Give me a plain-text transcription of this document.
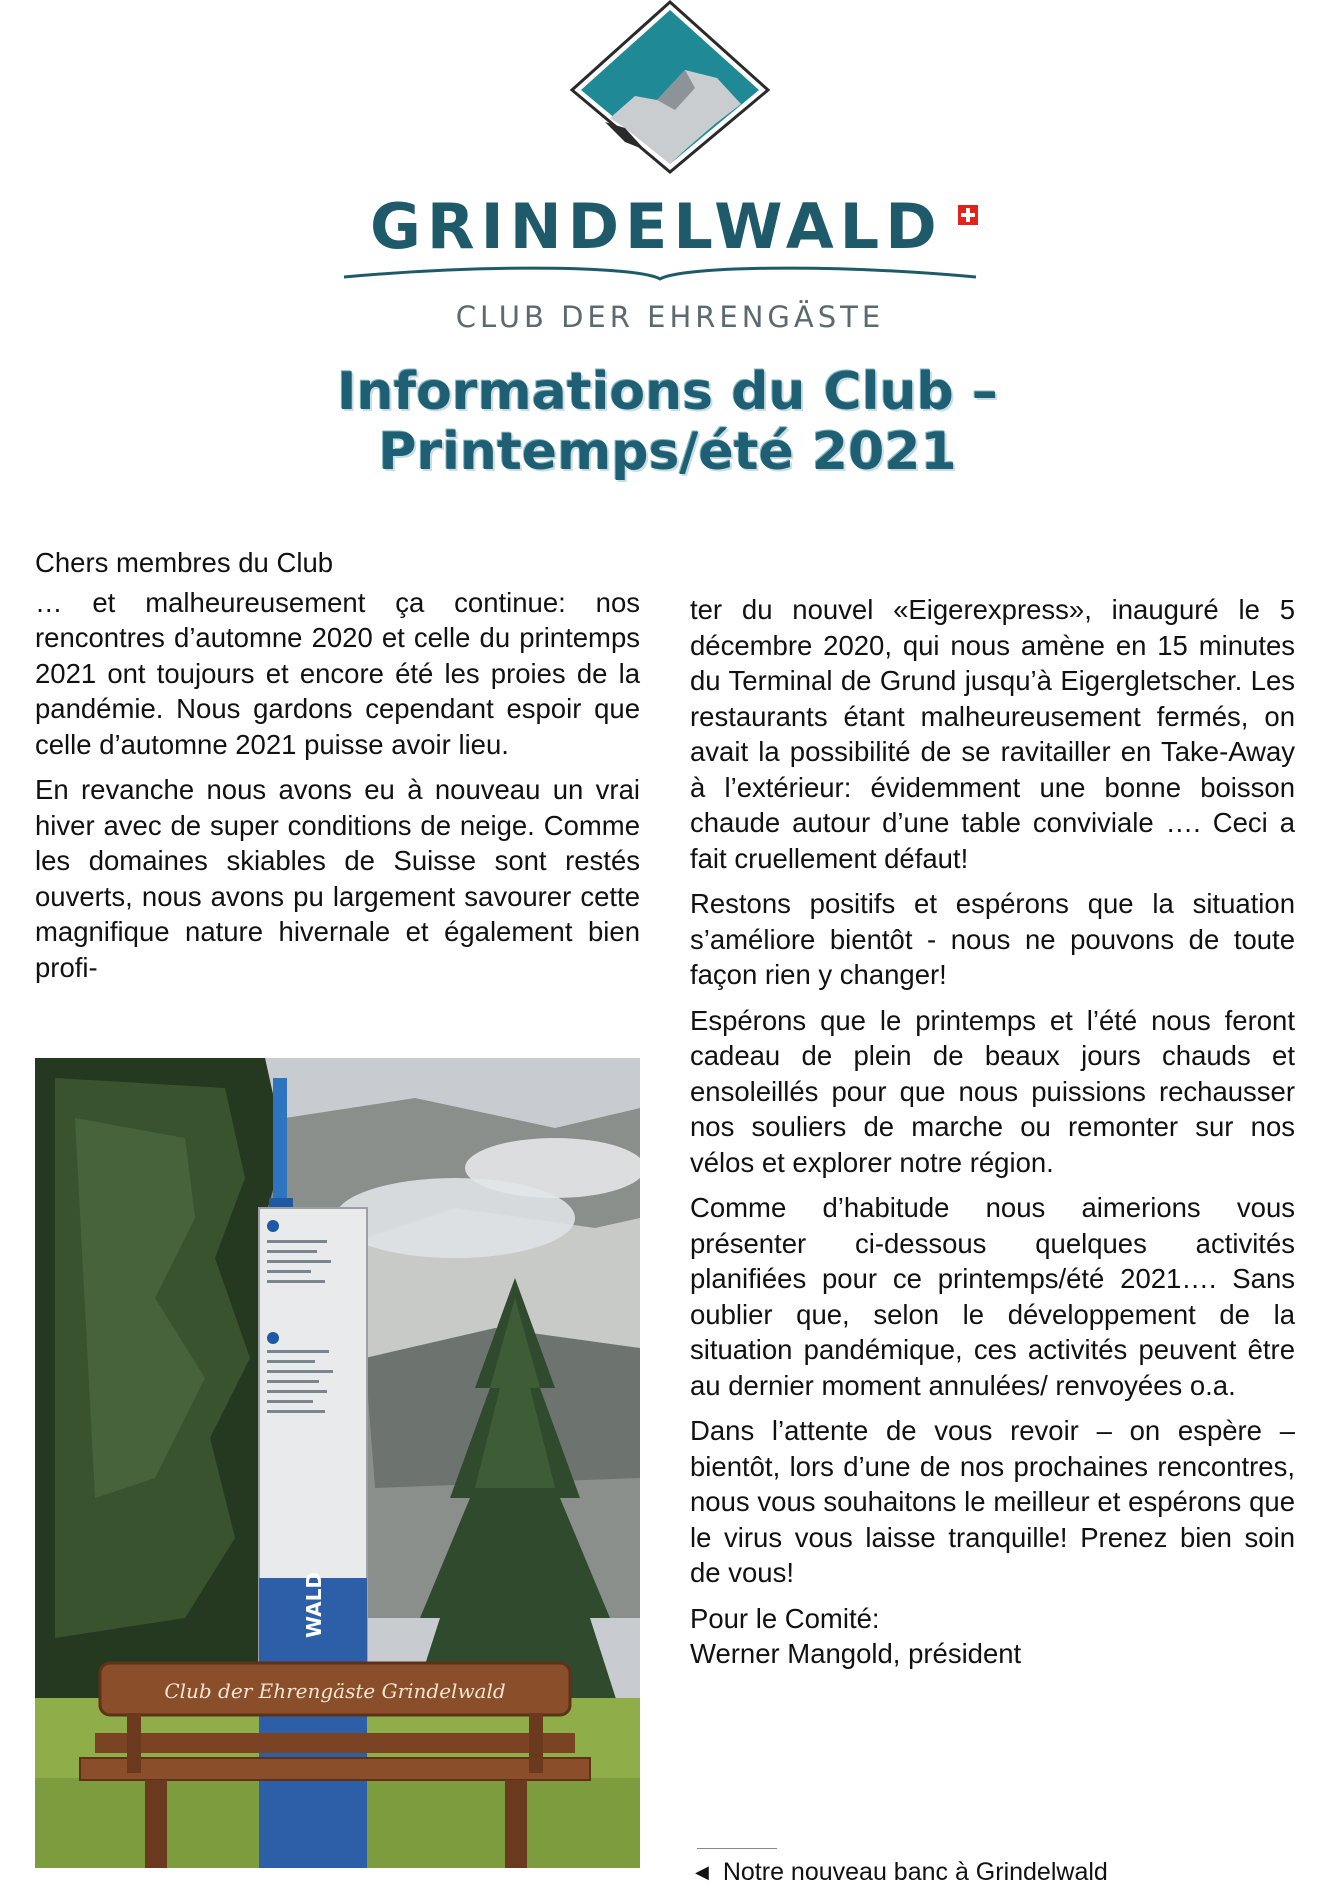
GRINDELWALD
CLUB DER EHRENGÄSTE
Informations du Club –
Printemps/été 2021

Chers membres du Club

… et malheureusement ça continue: nos rencontres d’automne 2020 et celle du printemps 2021 ont toujours et encore été les proies de la pandémie. Nous gardons cependant espoir que celle d’automne 2021 puisse avoir lieu.

En revanche nous avons eu à nouveau un vrai hiver avec de super conditions de neige. Comme les domaines skiables de Suisse sont restés ouverts, nous avons pu largement savourer cette magnifique nature hivernale et également bien profi-

WALD
Club der Ehrengäste Grindelwald

ter du nouvel «Eigerexpress», inauguré le 5 décembre 2020, qui nous amène en 15 minutes du Terminal de Grund jusqu’à Eigergletscher. Les restaurants étant malheureusement fermés, on avait la possibilité de se ravitailler en Take-Away à l’extérieur: évidemment une bonne boisson chaude autour d’une table conviviale …. Ceci a fait cruellement défaut!

Restons positifs et espérons que la situation s’améliore bientôt - nous ne pouvons de toute façon rien y changer!

Espérons que le printemps et l’été nous feront cadeau de plein de beaux jours chauds et ensoleillés pour que nous puissions rechausser nos souliers de marche ou remonter sur nos vélos et explorer notre région.

Comme d’habitude nous aimerions vous présenter ci-dessous quelques activités planifiées pour ce printemps/été 2021…. Sans oublier que, selon le développement de la situation pandémique, ces activités peuvent être au dernier moment annulées/ renvoyées o.a.

Dans l’attente de vous revoir – on espère – bientôt, lors d’une de nos prochaines rencontres, nous vous souhaitons le meilleur et espérons que le virus vous laisse tranquille! Prenez bien soin de vous!

Pour le Comité:

Werner Mangold, président

◀ Notre nouveau banc à Grindelwald
